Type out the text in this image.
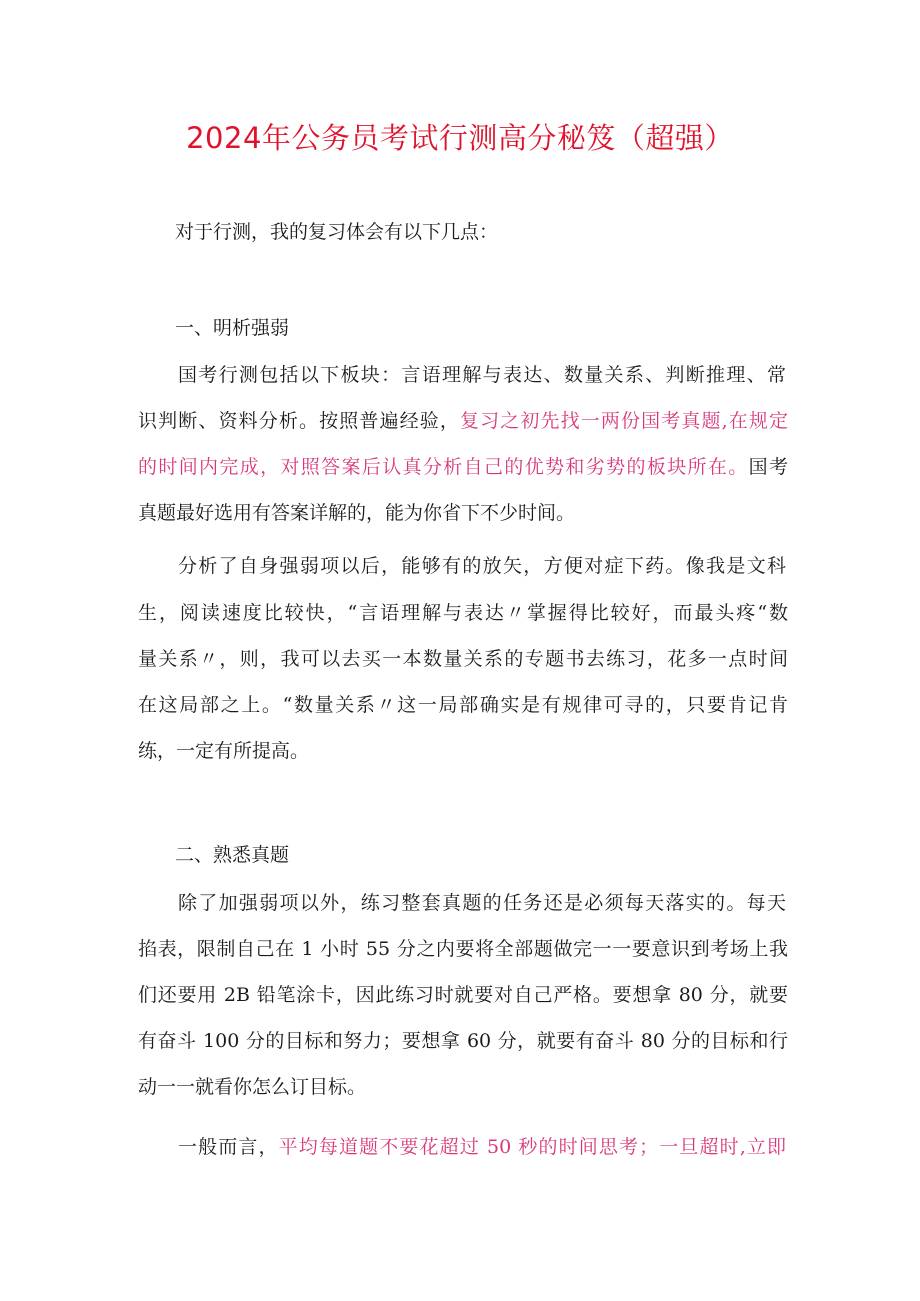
2024年公务员考试行测高分秘笈（超强）
对于行测，我的复习体会有以下几点：
一、明析强弱
国考行测包括以下板块：言语理解与表达、数量关系、判断推理、常
识判断、资料分析。按照普遍经验，复习之初先找一两份国考真题,在规定
的时间内完成，对照答案后认真分析自己的优势和劣势的板块所在。国考
真题最好选用有答案详解的，能为你省下不少时间。
分析了自身强弱项以后，能够有的放矢，方便对症下药。像我是文科
生，阅读速度比较快，“言语理解与表达〃掌握得比较好，而最头疼“数
量关系〃，则，我可以去买一本数量关系的专题书去练习，花多一点时间
在这局部之上。“数量关系〃这一局部确实是有规律可寻的，只要肯记肯
练，一定有所提高。
二、熟悉真题
除了加强弱项以外，练习整套真题的任务还是必须每天落实的。每天
掐表，限制自己在 1 小时 55 分之内要将全部题做完一一要意识到考场上我
们还要用 2B 铅笔涂卡，因此练习时就要对自己严格。要想拿 80 分，就要
有奋斗 100 分的目标和努力；要想拿 60 分，就要有奋斗 80 分的目标和行
动一一就看你怎么订目标。
一般而言，平均每道题不要花超过 50 秒的时间思考；一旦超时,立即
